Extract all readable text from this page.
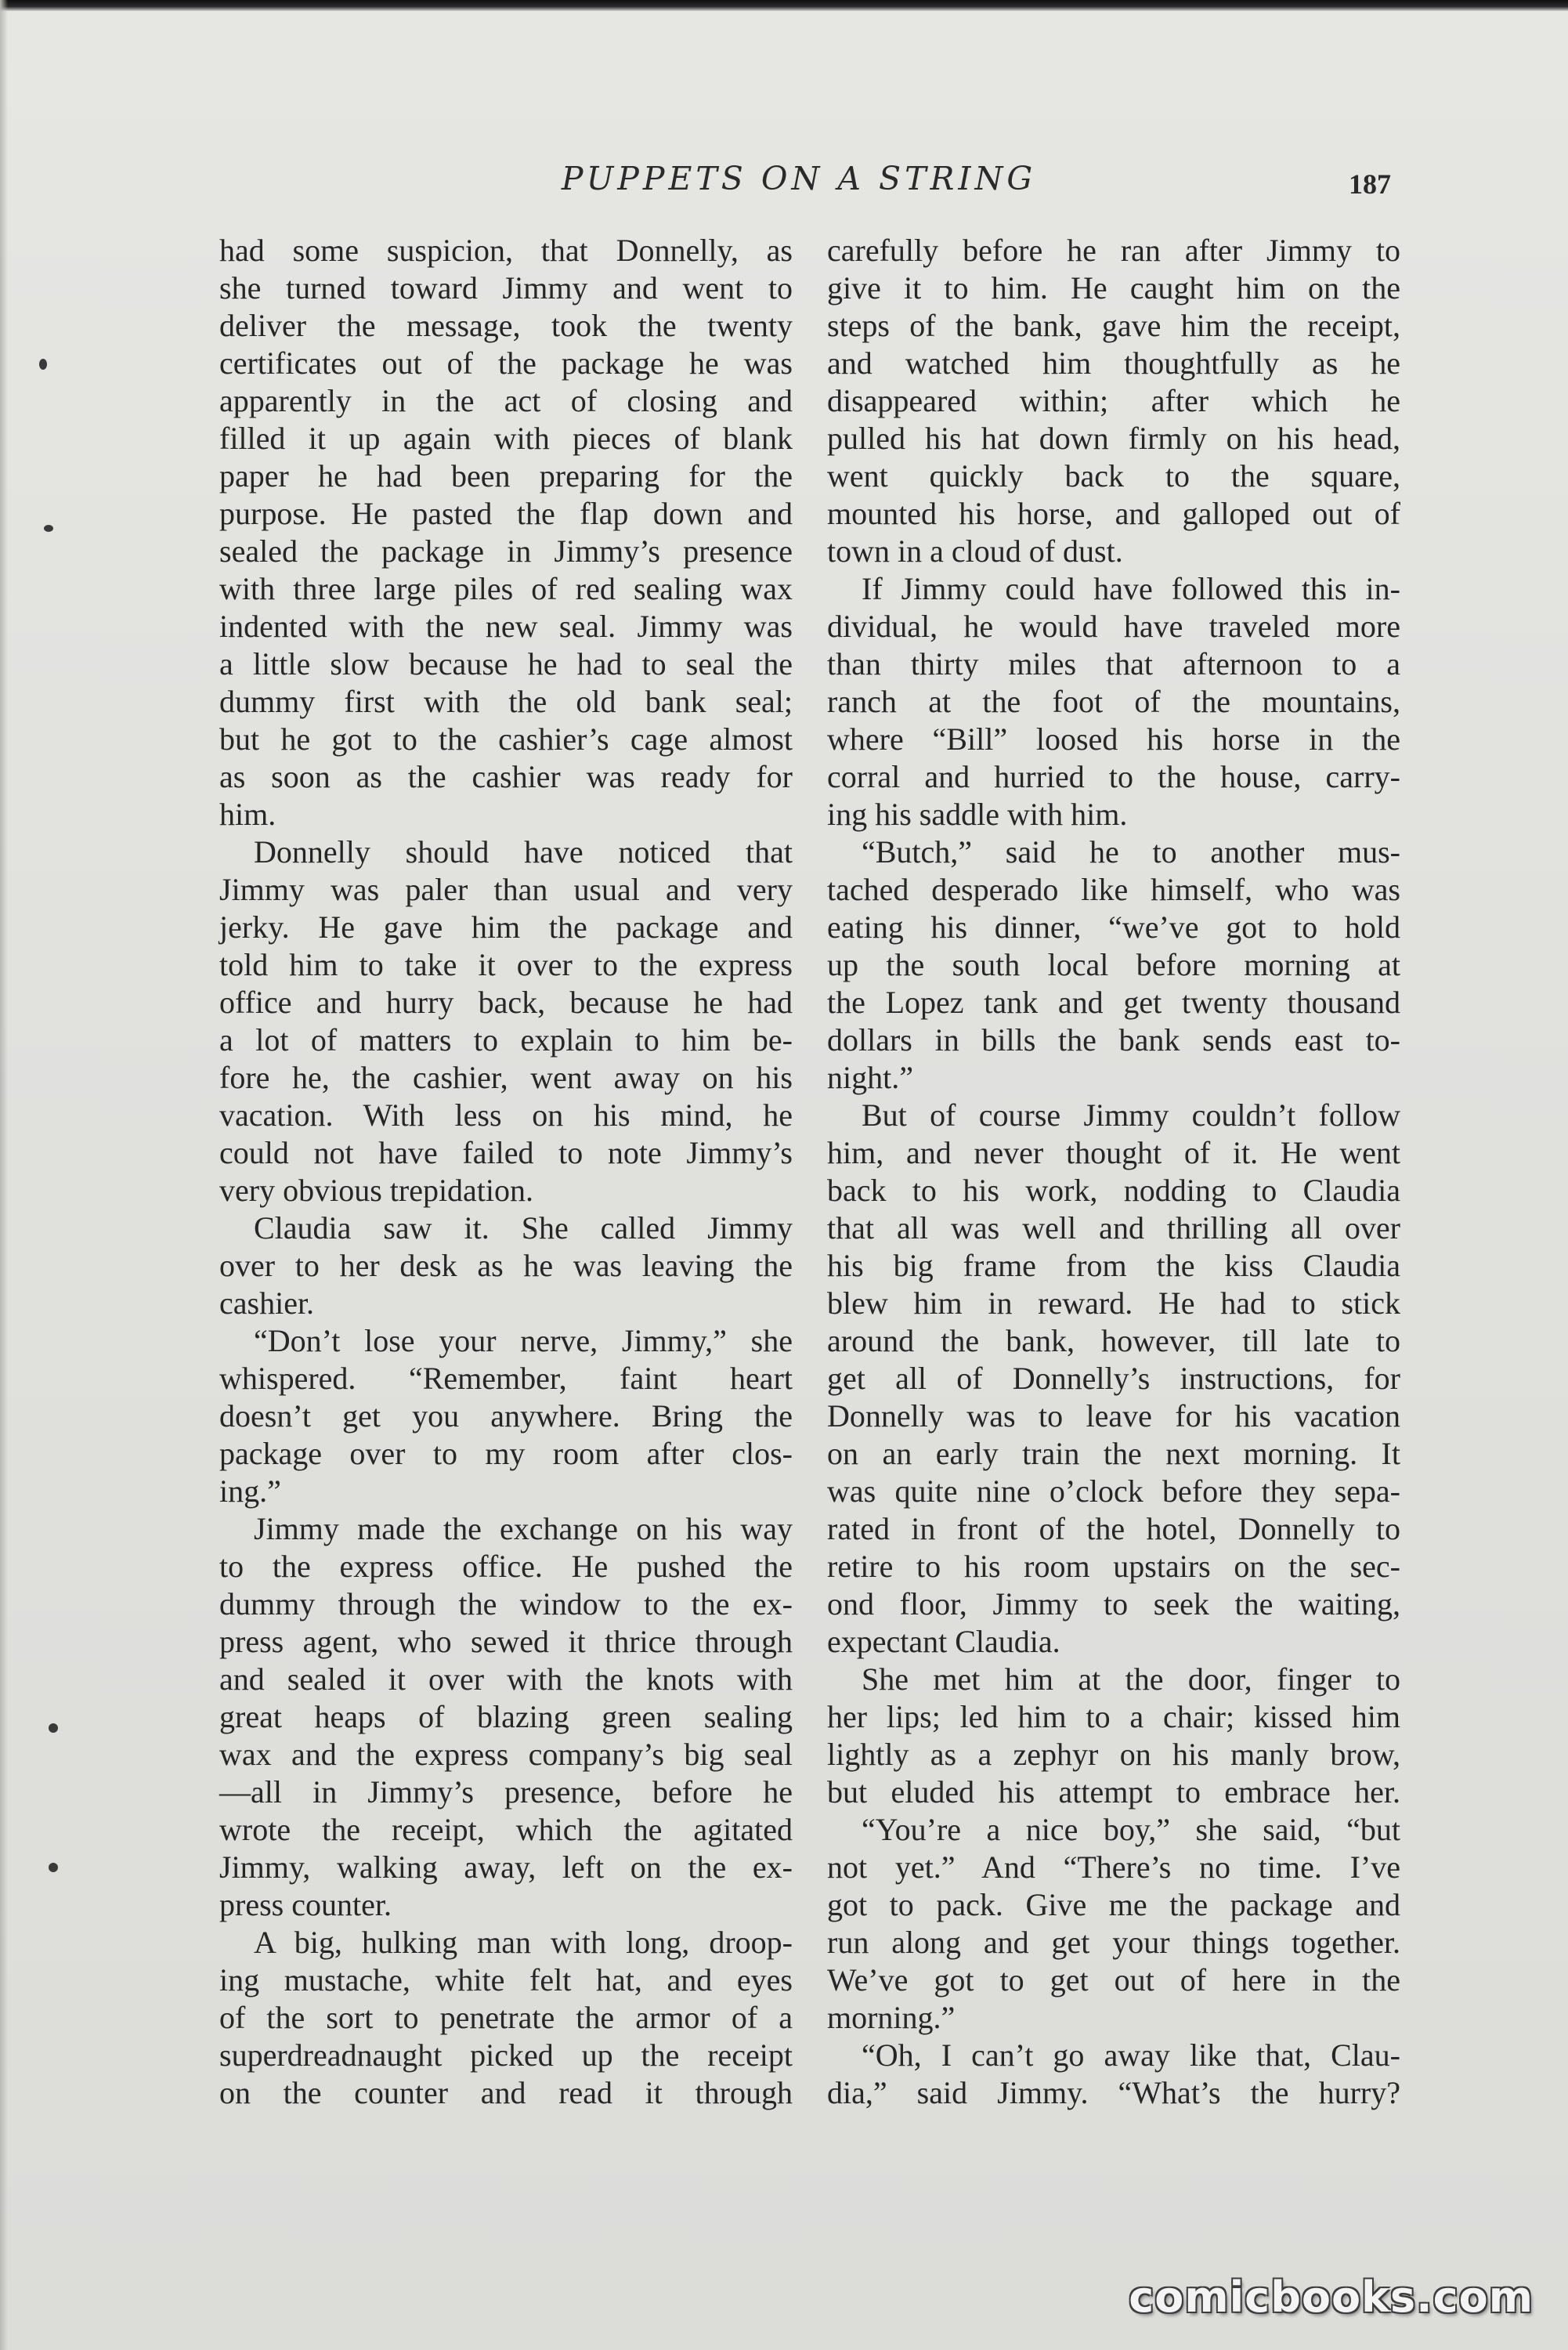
PUPPETS ON A STRING	187
had some suspicion, that Donnelly, as
she turned toward Jimmy and went to
deliver the message, took the twenty
certificates out of the package he was
apparently in the act of closing and
filled it up again with pieces of blank
paper he had been preparing for the
purpose. He pasted the flap down and
sealed the package in Jimmy’s presence
with three large piles of red sealing wax
indented with the new seal. Jimmy was
a little slow because he had to seal the
dummy first with the old bank seal;
but he got to the cashier’s cage almost
as soon as the cashier was ready for
him.
Donnelly should have noticed that
Jimmy was paler than usual and very
jerky. He gave him the package and
told him to take it over to the express
office and hurry back, because he had
a lot of matters to explain to him be-
fore he, the cashier, went away on his
vacation. With less on his mind, he
could not have failed to note Jimmy’s
very obvious trepidation.
Claudia saw it. She called Jimmy
over to her desk as he was leaving the
cashier.
“Don’t lose your nerve, Jimmy,” she
whispered. “Remember, faint heart
doesn’t get you anywhere. Bring the
package over to my room after clos-
ing.”
Jimmy made the exchange on his way
to the express office. He pushed the
dummy through the window to the ex-
press agent, who sewed it thrice through
and sealed it over with the knots with
great heaps of blazing green sealing
wax and the express company’s big seal
—all in Jimmy’s presence, before he
wrote the receipt, which the agitated
Jimmy, walking away, left on the ex-
press counter.
A big, hulking man with long, droop-
ing mustache, white felt hat, and eyes
of the sort to penetrate the armor of a
superdreadnaught picked up the receipt
on the counter and read it through
carefully before he ran after Jimmy to
give it to him. He caught him on the
steps of the bank, gave him the receipt,
and watched him thoughtfully as he
disappeared within; after which he
pulled his hat down firmly on his head,
went quickly back to the square,
mounted his horse, and galloped out of
town in a cloud of dust.
If Jimmy could have followed this in-
dividual, he would have traveled more
than thirty miles that afternoon to a
ranch at the foot of the mountains,
where “Bill” loosed his horse in the
corral and hurried to the house, carry-
ing his saddle with him.
“Butch,” said he to another mus-
tached desperado like himself, who was
eating his dinner, “we’ve got to hold
up the south local before morning at
the Lopez tank and get twenty thousand
dollars in bills the bank sends east to-
night.”
But of course Jimmy couldn’t follow
him, and never thought of it. He went
back to his work, nodding to Claudia
that all was well and thrilling all over
his big frame from the kiss Claudia
blew him in reward. He had to stick
around the bank, however, till late to
get all of Donnelly’s instructions, for
Donnelly was to leave for his vacation
on an early train the next morning. It
was quite nine o’clock before they sepa-
rated in front of the hotel, Donnelly to
retire to his room upstairs on the sec-
ond floor, Jimmy to seek the waiting,
expectant Claudia.
She met him at the door, finger to
her lips; led him to a chair; kissed him
lightly as a zephyr on his manly brow,
but eluded his attempt to embrace her.
“You’re a nice boy,” she said, “but
not yet.” And “There’s no time. I’ve
got to pack. Give me the package and
run along and get your things together.
We’ve got to get out of here in the
morning.”
“Oh, I can’t go away like that, Clau-
dia,” said Jimmy. “What’s the hurry?
comicbooks.com
